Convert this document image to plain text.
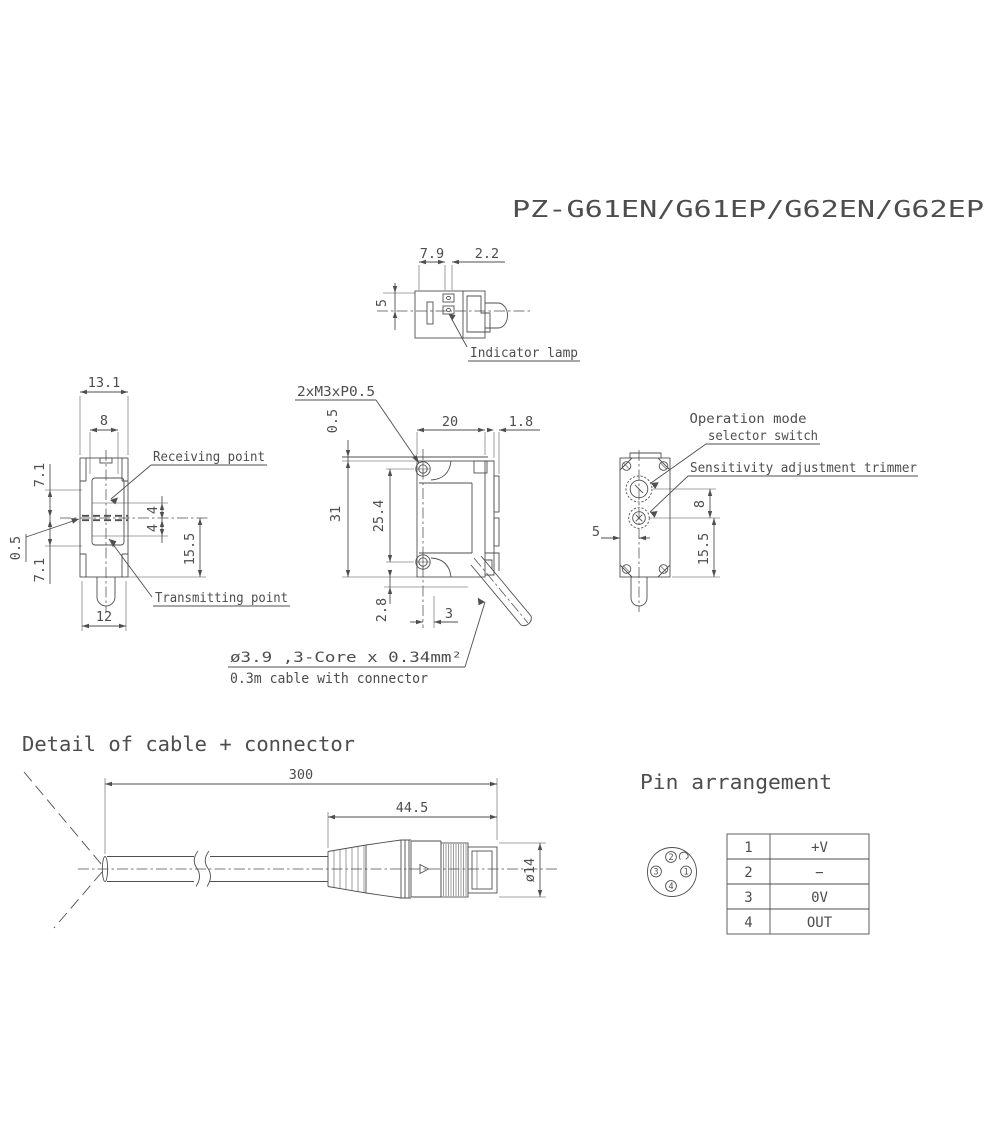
PZ-G61EN/G61EP/G62EN/G62EP
7.9 2.2
5
Indicator lamp
13.1
8
7.1
0.5
7.1
4
4
15.5
12
Receiving point
Transmitting point
2xM3xP0.5
0.5	20	1.8
31 25.4
2.8	3
ø3.9 ,3-Core x 0.34mm²
0.3m cable with connector
Operation mode
selector switch
Sensitivity adjustment trimmer
8
15.5
5
Detail of cable + connector
300
44.5
ø14	1
2
3
4
Pin arrangement
1	+V
2	−
3	0V
4	OUT
